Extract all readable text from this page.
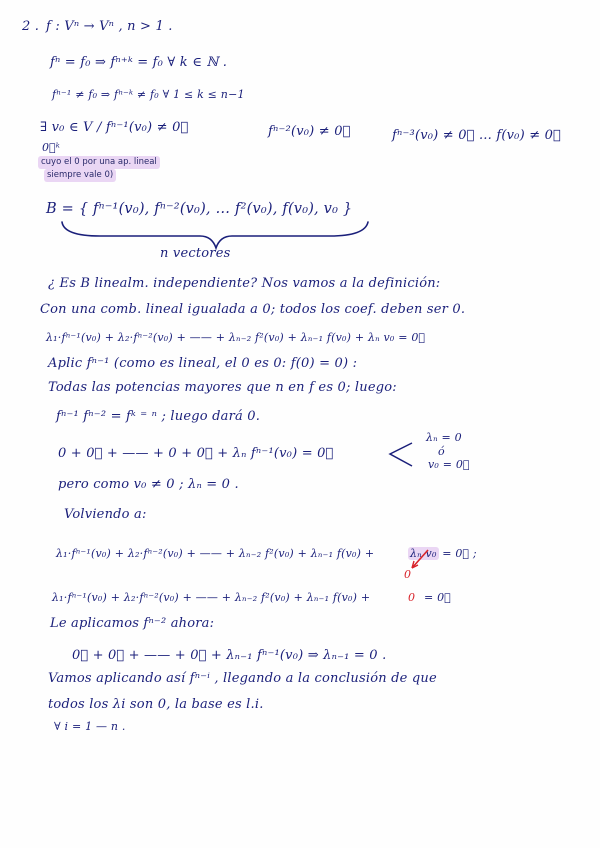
2 . f : Vⁿ → Vⁿ , n > 1 .
fⁿ = f₀ ⇒ fⁿ⁺ᵏ = f₀ ∀ k ∈ ℕ .
fⁿ⁻¹ ≠ f₀ ⇒ fⁿ⁻ᵏ ≠ f₀ ∀ 1 ≤ k ≤ n−1
∃ v₀ ∈ V / fⁿ⁻¹(v₀) ≠ 0⃗
0⃗ᵏ
fⁿ⁻²(v₀) ≠ 0⃗	fⁿ⁻³(v₀) ≠ 0⃗ … f(v₀) ≠ 0⃗
cuyo el 0 por una ap. lineal
siempre vale 0)
B = { fⁿ⁻¹(v₀), fⁿ⁻²(v₀), … f²(v₀), f(v₀), v₀ }
n vectores
¿ Es B linealm. independiente? Nos vamos a la definición:
Con una comb. lineal igualada a 0; todos los coef. deben ser 0.
λ₁·fⁿ⁻¹(v₀) + λ₂·fⁿ⁻²(v₀) + —— + λₙ₋₂ f²(v₀) + λₙ₋₁ f(v₀) + λₙ v₀ = 0⃗
Aplic fⁿ⁻¹ (como es lineal, el 0 es 0: f(0) = 0) :
Todas las potencias mayores que n en f es 0; luego:
fⁿ⁻¹ fⁿ⁻² = fᵏ ⁼ ⁿ ; luego dará 0.
0 + 0⃗ + —— + 0 + 0⃗ + λₙ fⁿ⁻¹(v₀) = 0⃗
λₙ = 0
ó
v₀ = 0⃗
pero como v₀ ≠ 0 ; λₙ = 0 .
Volviendo a:
λ₁·fⁿ⁻¹(v₀) + λ₂·fⁿ⁻²(v₀) + —— + λₙ₋₂ f²(v₀) + λₙ₋₁ f(v₀) +	λₙ v₀ = 0⃗ ;
0
λ₁·fⁿ⁻¹(v₀) + λ₂·fⁿ⁻²(v₀) + —— + λₙ₋₂ f²(v₀) + λₙ₋₁ f(v₀) +	0 = 0⃗
Le aplicamos fⁿ⁻² ahora:
0⃗ + 0⃗ + —— + 0⃗ + λₙ₋₁ fⁿ⁻¹(v₀) ⇒ λₙ₋₁ = 0 .
Vamos aplicando así fⁿ⁻ⁱ , llegando a la conclusión de que
todos los λi son 0, la base es l.i.
∀ i = 1 — n .
